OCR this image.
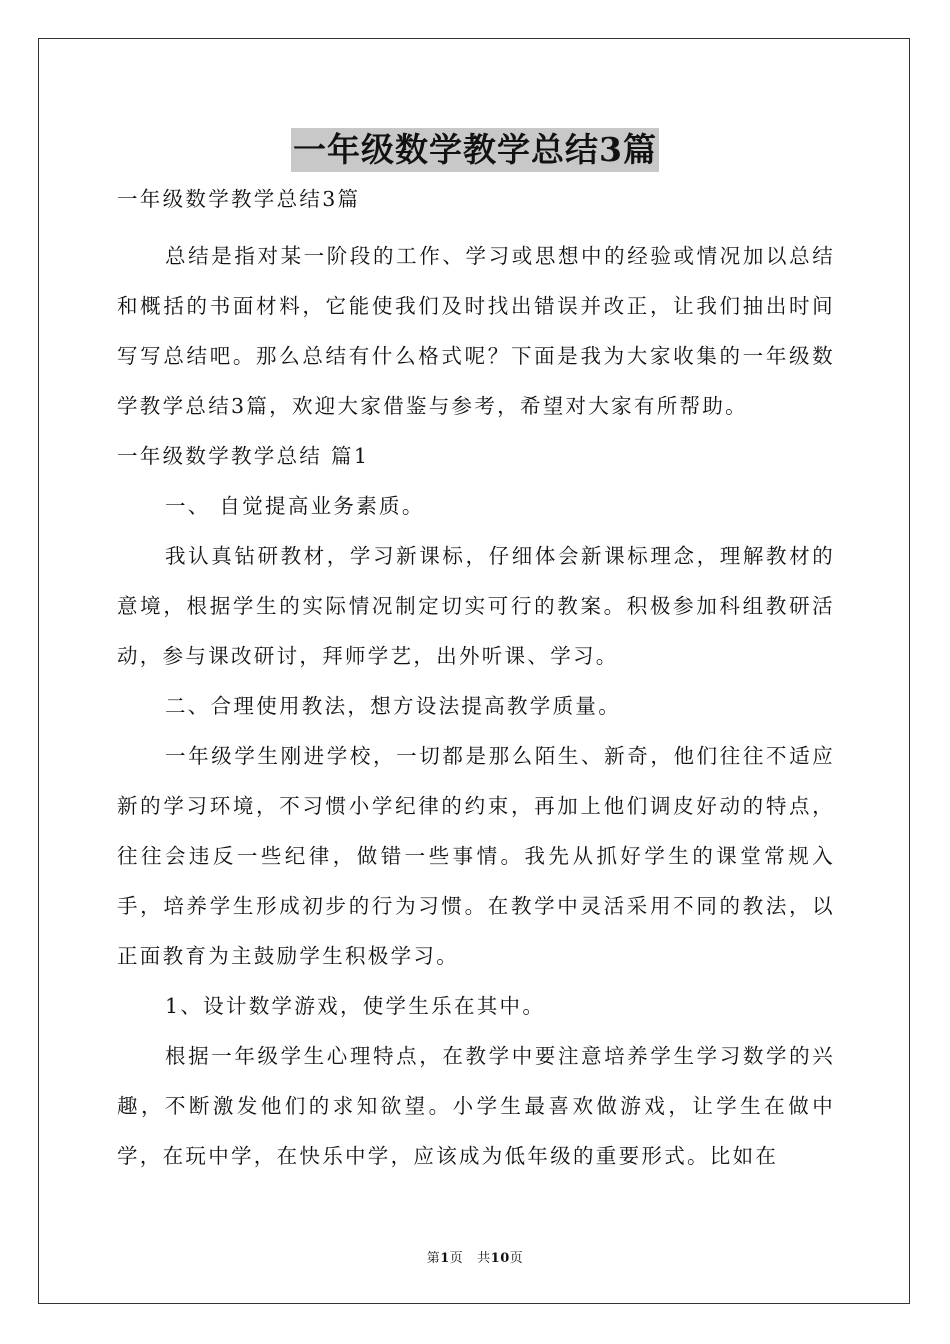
一年级数学教学总结3篇
一年级数学教学总结3篇

总结是指对某一阶段的工作、学习或思想中的经验或情况加以总结和概括的书面材料，它能使我们及时找出错误并改正，让我们抽出时间写写总结吧。那么总结有什么格式呢？下面是我为大家收集的一年级数学教学总结3篇，欢迎大家借鉴与参考，希望对大家有所帮助。

一年级数学教学总结 篇1

一、 自觉提高业务素质。

我认真钻研教材，学习新课标，仔细体会新课标理念，理解教材的意境，根据学生的实际情况制定切实可行的教案。积极参加科组教研活动，参与课改研讨，拜师学艺，出外听课、学习。

二、合理使用教法，想方设法提高教学质量。

一年级学生刚进学校，一切都是那么陌生、新奇，他们往往不适应新的学习环境，不习惯小学纪律的约束，再加上他们调皮好动的特点，往往会违反一些纪律，做错一些事情。我先从抓好学生的课堂常规入手，培养学生形成初步的行为习惯。在教学中灵活采用不同的教法，以正面教育为主鼓励学生积极学习。

1、设计数学游戏，使学生乐在其中。

根据一年级学生心理特点，在教学中要注意培养学生学习数学的兴趣，不断激发他们的求知欲望。小学生最喜欢做游戏，让学生在做中学，在玩中学，在快乐中学，应该成为低年级的重要形式。比如在

第1页   共10页
